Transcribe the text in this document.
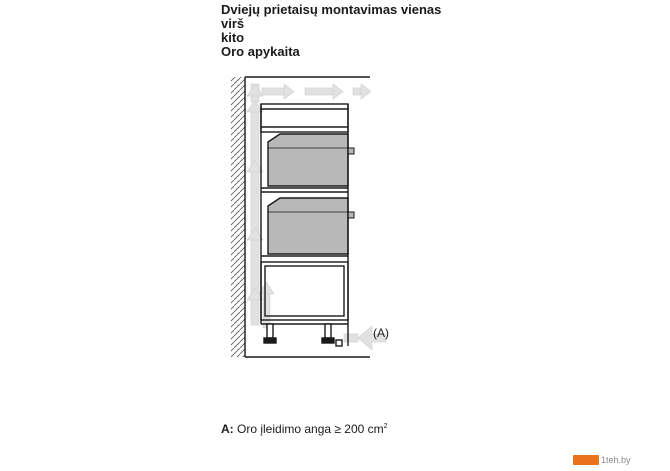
Dviejų prietaisų montavimas vienas virš
kito
Oro apykaita
(A)
A: Oro įleidimo anga ≥ 200 $cm^2$
1teh.by
